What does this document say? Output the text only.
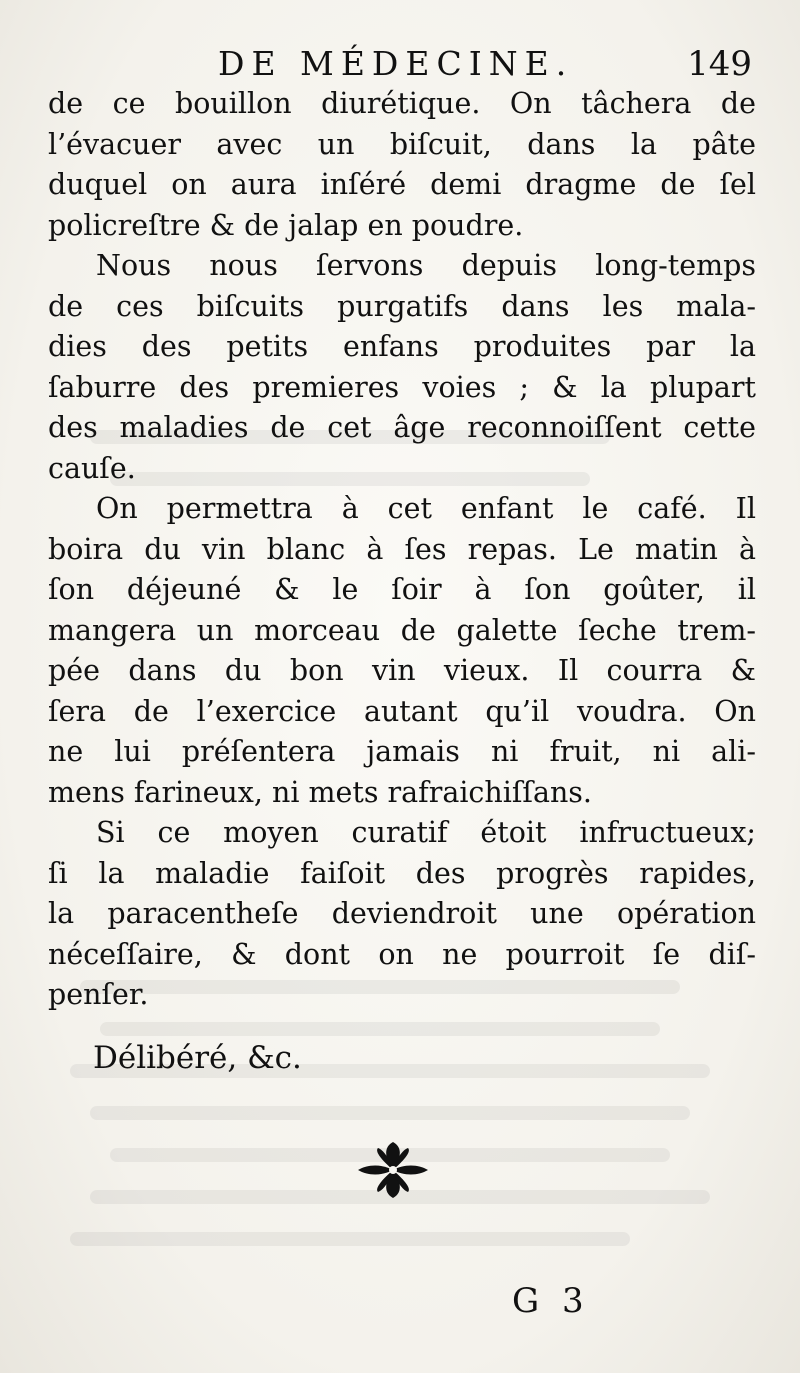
DE MÉDECINE.	149

de ce bouillon diurétique. On tâchera de
l’évacuer avec un biſcuit, dans la pâte
duquel on aura inſéré demi dragme de ſel
policreſtre & de jalap en poudre.

Nous nous ſervons depuis long-temps
de ces biſcuits purgatifs dans les mala-
dies des petits enfans produites par la
ſaburre des premieres voies ; & la plupart
des maladies de cet âge reconnoiſſent cette
cauſe.

On permettra à cet enfant le café. Il
boira du vin blanc à ſes repas. Le matin à
ſon déjeuné & le ſoir à ſon goûter, il
mangera un morceau de galette ſeche trem-
pée dans du bon vin vieux. Il courra &
ſera de l’exercice autant qu’il voudra. On
ne lui préſentera jamais ni fruit, ni ali-
mens farineux, ni mets rafraichiſſans.

Si ce moyen curatif étoit infructueux;
ſi la maladie faiſoit des progrès rapides,
la paracentheſe deviendroit une opération
néceſſaire, & dont on ne pourroit ſe diſ-
penſer.

Délibéré, &c.
G 3
